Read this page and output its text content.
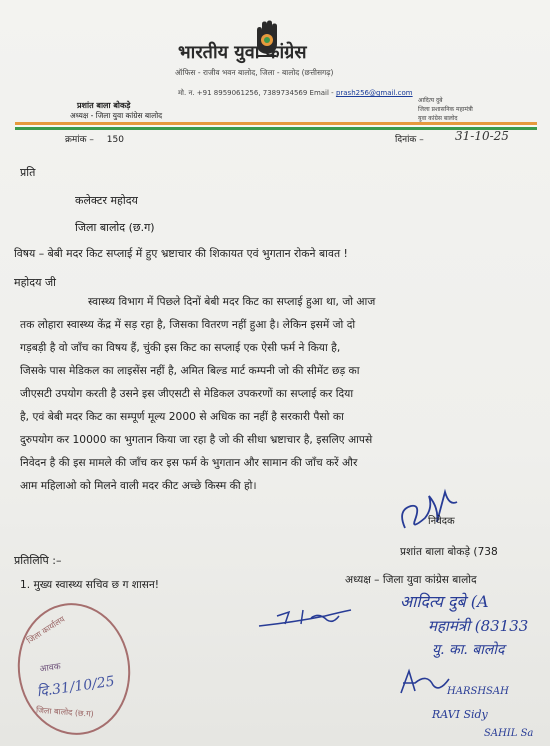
भारतीय युवा कांग्रेस
ऑफिस - राजीव भवन बालोद, जिला - बालोद (छत्तीसगढ़)
मो. न. +91 8959061256, 7389734569 Email - prash256@gmail.com
प्रशांत बाला बोकड़े
अध्यक्ष - जिला युवा कांग्रेस बालोद
आदित्य दुबे
जिला प्रशासनिक महामंत्री
युवा कांग्रेस बालोद
क्रमांक – 150	दिनांक –	31-10-25
प्रति
कलेक्टर महोदय
जिला बालोद (छ.ग)
विषय – बेबी मदर किट सप्लाई में हुए भ्रष्टाचार की शिकायत एवं भुगतान रोकने बावत !
महोदय जी
स्वास्थ्य विभाग में पिछले दिनों बेबी मदर किट का सप्लाई हुआ था, जो आज
तक लोहारा स्वास्थ्य केंद्र में सड़ रहा है, जिसका वितरण नहीं हुआ है। लेकिन इसमें जो दो
गड़बड़ी है वो जाँच का विषय हैं, चुंकी इस किट का सप्लाई एक ऐसी फर्म ने किया है,
जिसके पास मेडिकल का लाइसेंस नहीं है, अमित बिल्ड मार्ट कम्पनी जो की सीमेंट छड़ का
जीएसटी उपयोग करती है उसने इस जीएसटी से मेडिकल उपकरणों का सप्लाई कर दिया
है, एवं बेबी मदर किट का सम्पूर्ण मूल्य 2000 से अधिक का नहीं है सरकारी पैसो का
दुरुपयोग कर 10000 का भुगतान किया जा रहा है जो की सीधा भ्रष्टाचार है, इसलिए आपसे
निवेदन है की इस मामले की जाँच कर इस फर्म के भुगतान और सामान की जाँच करें और
आम महिलाओ को मिलने वाली मदर कीट अच्छे किस्म की हो।
निवेदक
प्रशांत बाला बोकड़े (738
अध्यक्ष – जिला युवा कांग्रेस बालोद
प्रतिलिपि :–
1. मुख्य स्वास्थ्य सचिव छ ग शासन!
आदित्य दुबे (A
महामंत्री (83133
यु. का. बालोद
HARSHSAH
RAVI Sidy
SAHIL Sa
जिला कार्यालय
आवक
दि.31/10/25
जिला बालोद (छ.ग)
